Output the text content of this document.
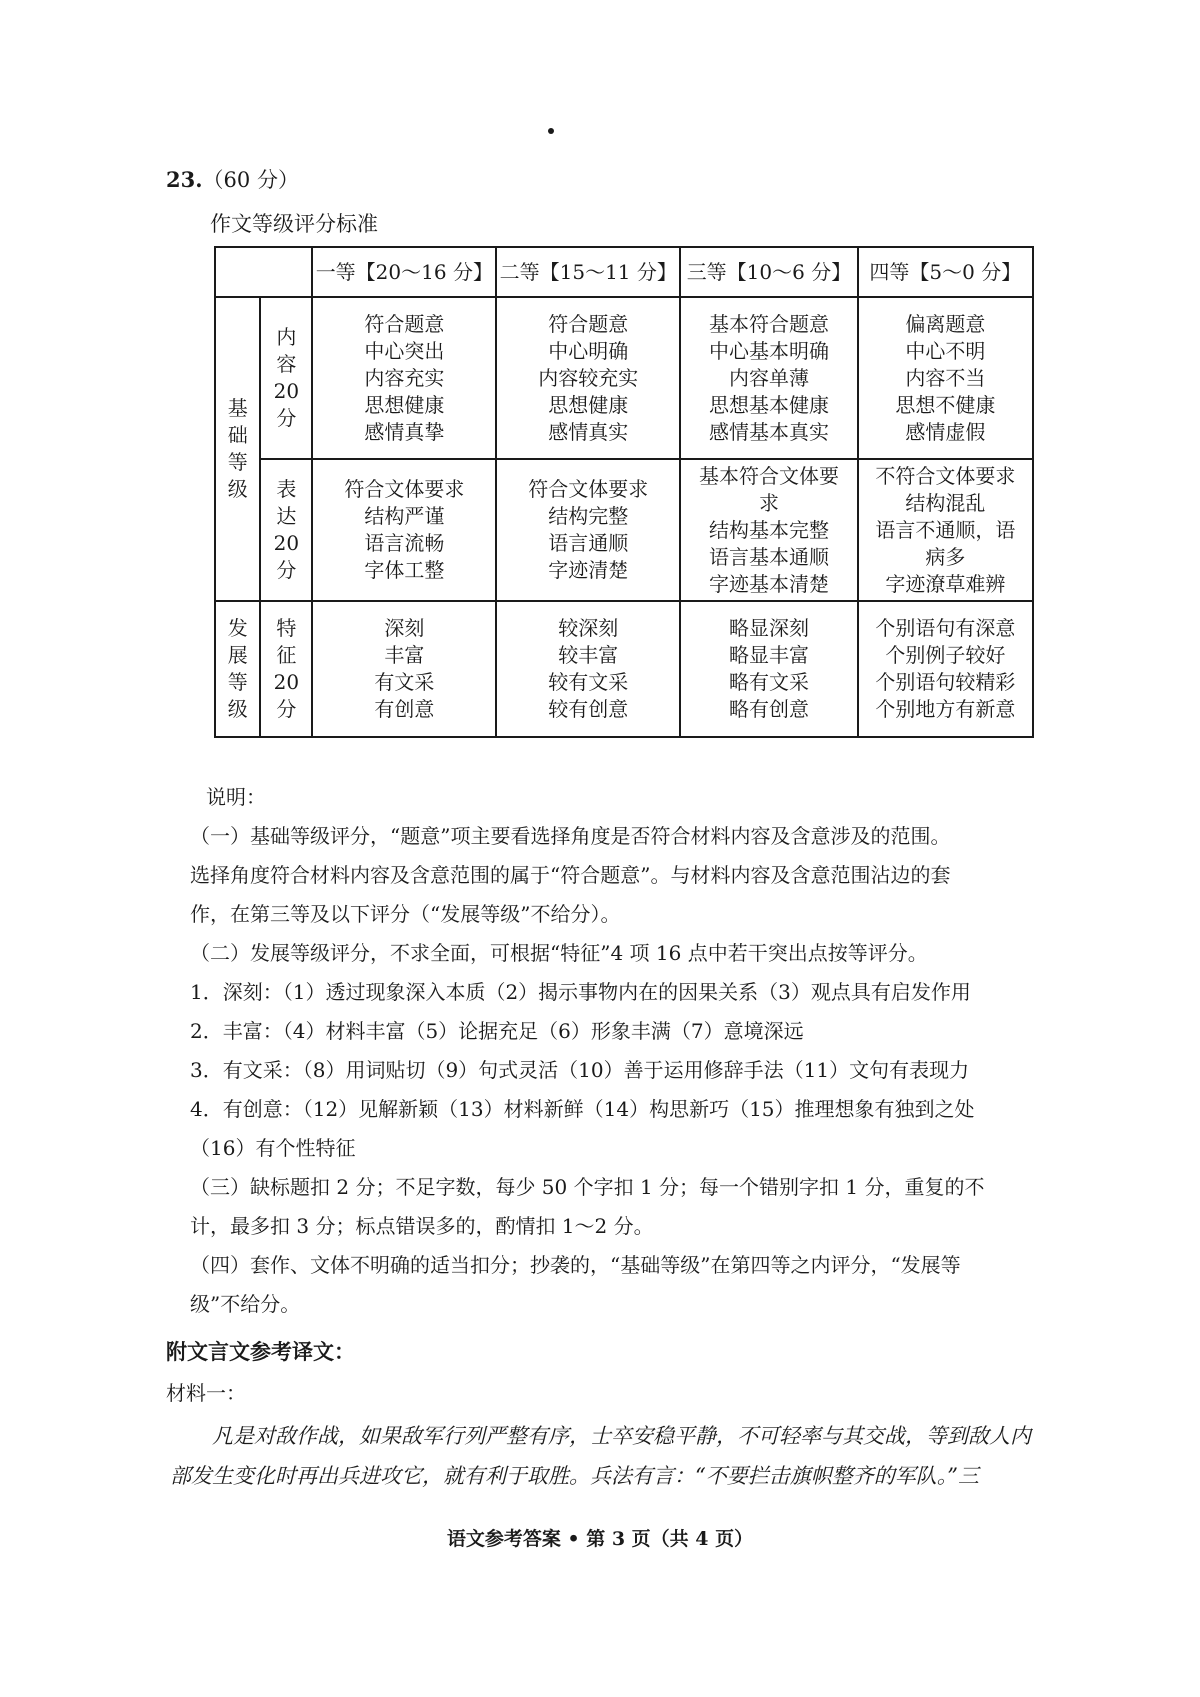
23.（60 分）
作文等级评分标准
		一等【20～16 分】	二等【15～11 分】	三等【10～6 分】	四等【5～0 分】
基
础
等
级	内
容
20
分	符合题意
中心突出
内容充实
思想健康
感情真挚	符合题意
中心明确
内容较充实
思想健康
感情真实	基本符合题意
中心基本明确
内容单薄
思想基本健康
感情基本真实	偏离题意
中心不明
内容不当
思想不健康
感情虚假
	表
达
20
分	符合文体要求
结构严谨
语言流畅
字体工整	符合文体要求
结构完整
语言通顺
字迹清楚	基本符合文体要
求
结构基本完整
语言基本通顺
字迹基本清楚	不符合文体要求
结构混乱
语言不通顺，语
病多
字迹潦草难辨
发
展
等
级	特
征
20
分	深刻
丰富
有文采
有创意	较深刻
较丰富
较有文采
较有创意	略显深刻
略显丰富
略有文采
略有创意	个别语句有深意
个别例子较好
个别语句较精彩
个别地方有新意

说明：

（一）基础等级评分，“题意”项主要看选择角度是否符合材料内容及含意涉及的范围。

选择角度符合材料内容及含意范围的属于“符合题意”。与材料内容及含意范围沾边的套

作，在第三等及以下评分（“发展等级”不给分）。

（二）发展等级评分，不求全面，可根据“特征”4 项 16 点中若干突出点按等评分。

1．深刻：（1）透过现象深入本质（2）揭示事物内在的因果关系（3）观点具有启发作用

2．丰富：（4）材料丰富（5）论据充足（6）形象丰满（7）意境深远

3．有文采：（8）用词贴切（9）句式灵活（10）善于运用修辞手法（11）文句有表现力

4．有创意：（12）见解新颖（13）材料新鲜（14）构思新巧（15）推理想象有独到之处

（16）有个性特征

（三）缺标题扣 2 分；不足字数，每少 50 个字扣 1 分；每一个错别字扣 1 分，重复的不

计，最多扣 3 分；标点错误多的，酌情扣 1～2 分。

（四）套作、文体不明确的适当扣分；抄袭的，“基础等级”在第四等之内评分，“发展等

级”不给分。

附文言文参考译文：
材料一：

凡是对敌作战，如果敌军行列严整有序，士卒安稳平静，不可轻率与其交战，等到敌人内部发生变化时再出兵进攻它，就有利于取胜。兵法有言：“不要拦击旗帜整齐的军队。”三

语文参考答案 • 第 3 页（共 4 页）
